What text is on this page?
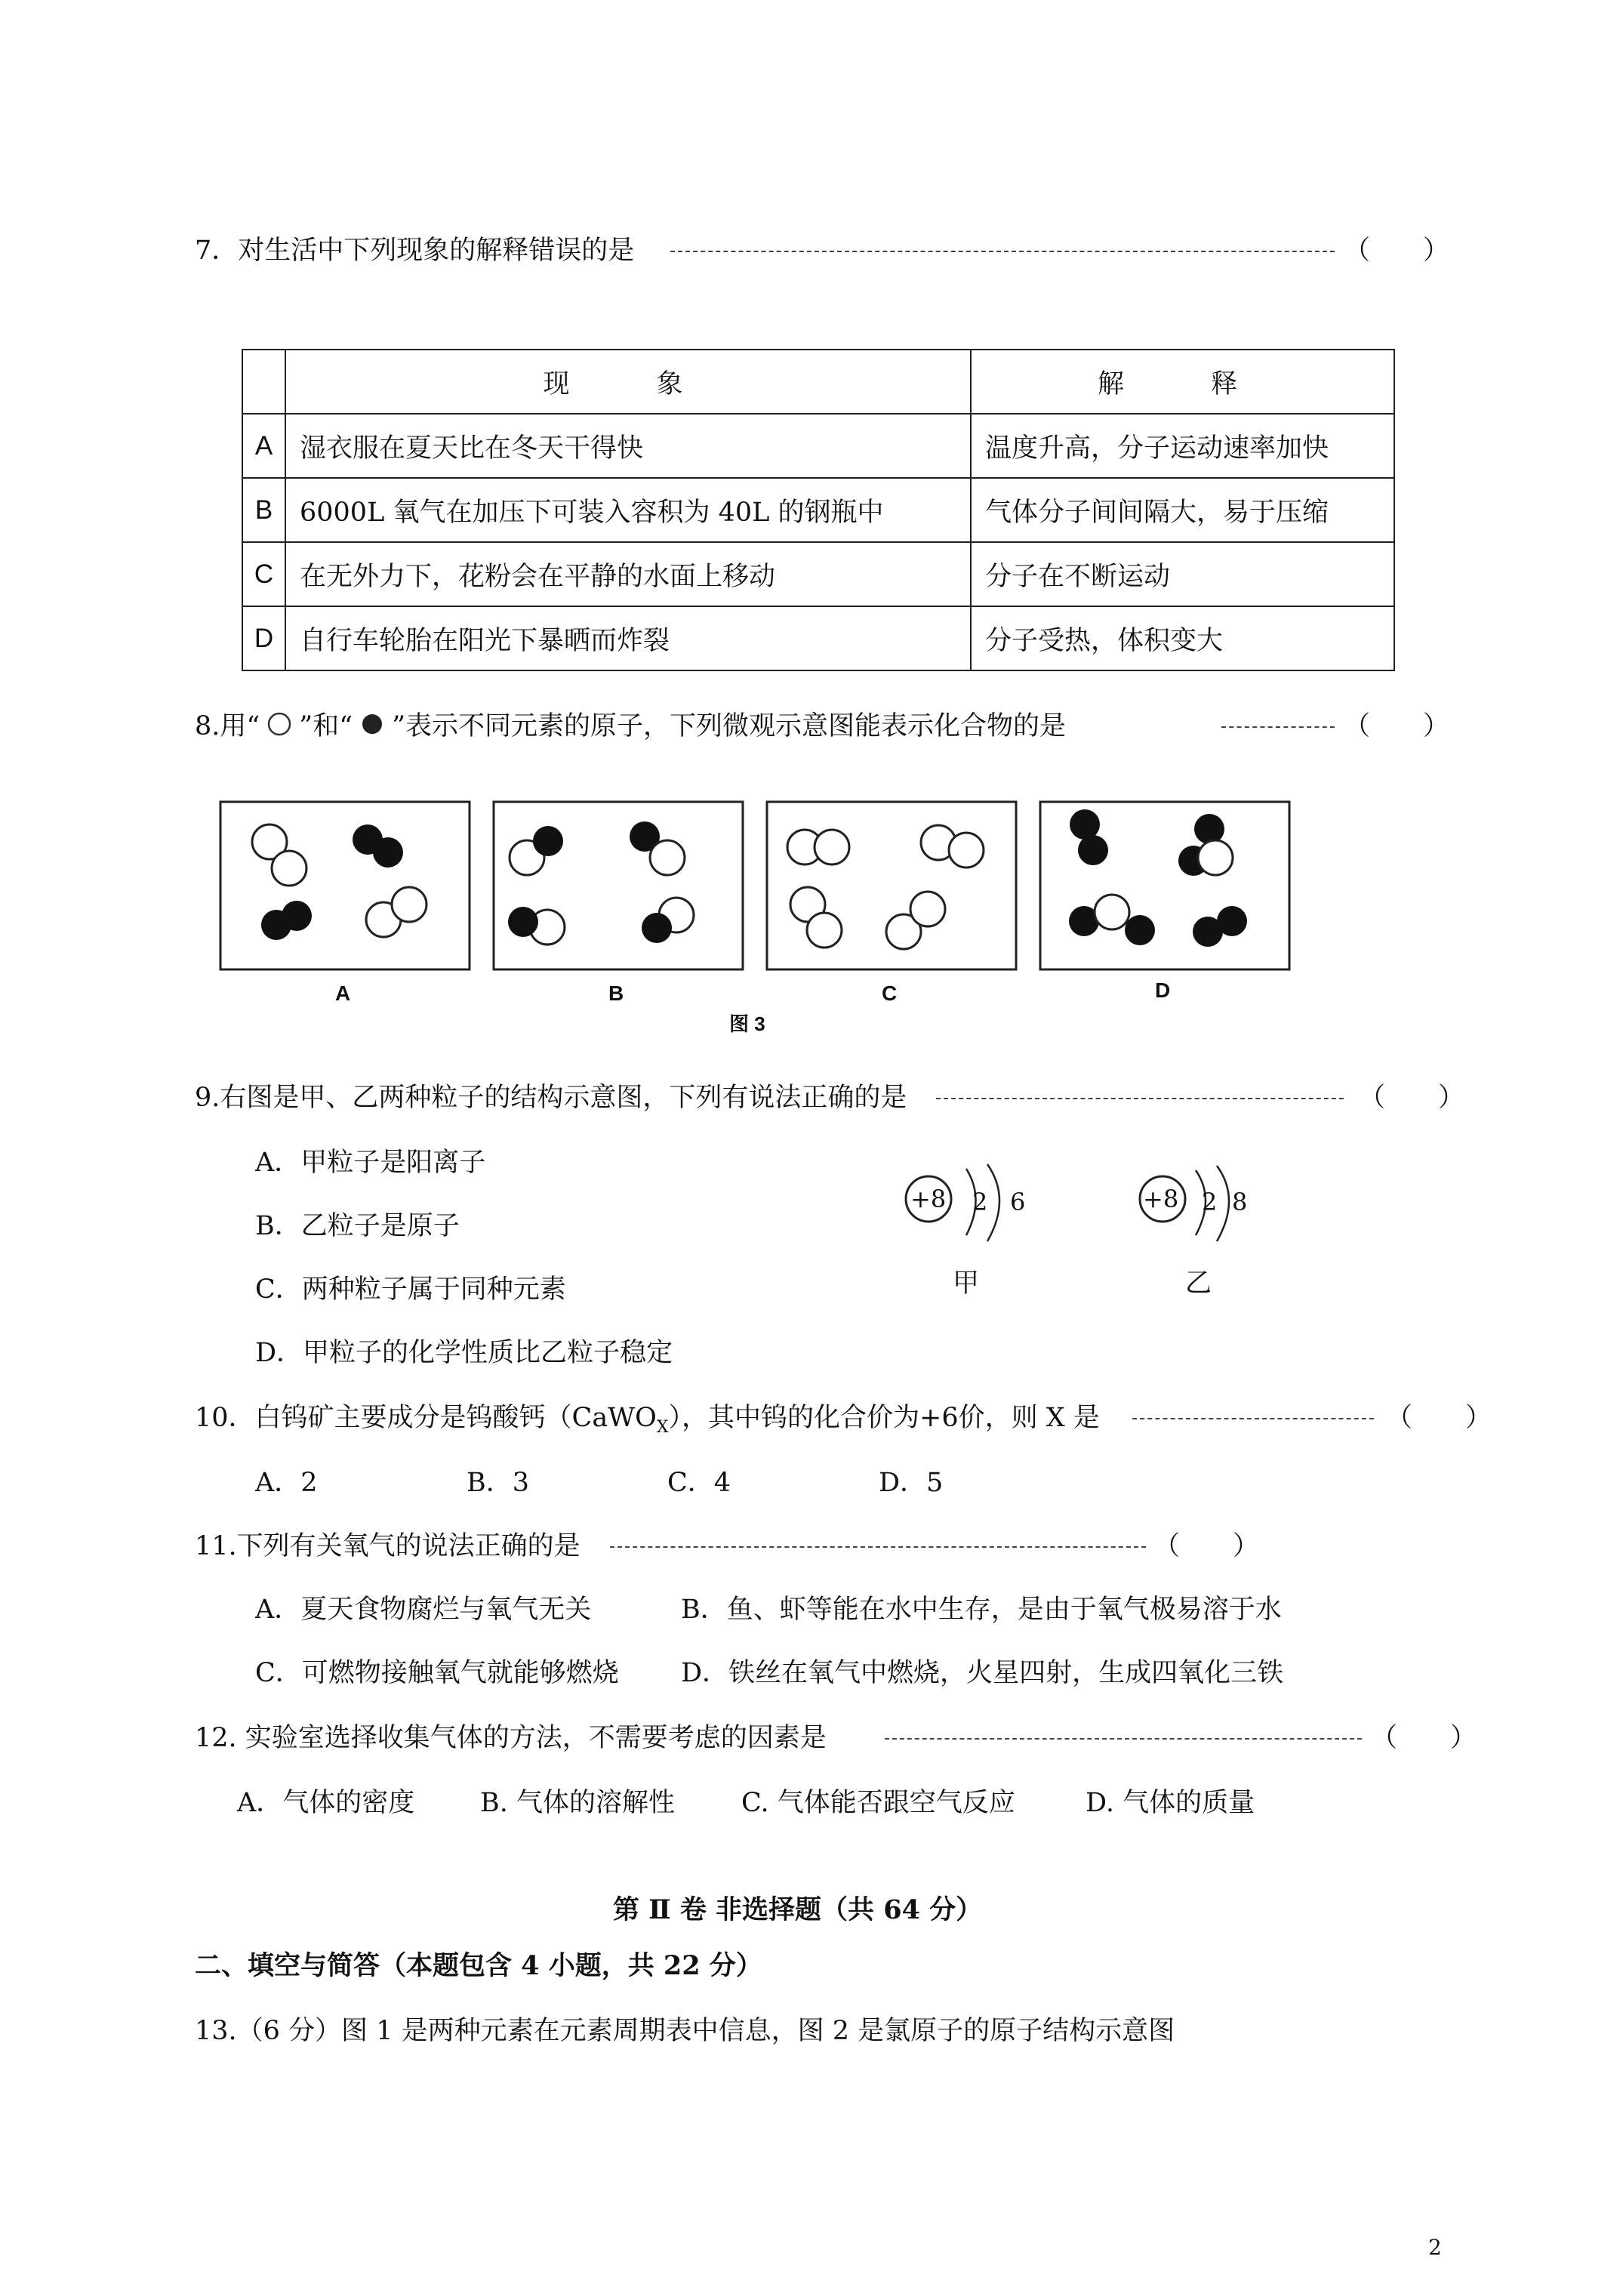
7．对生活中下列现象的解释错误的是	（　　）
	现　象	解　释
A	湿衣服在夏天比在冬天干得快	温度升高，分子运动速率加快
B	6000L 氧气在加压下可装入容积为 40L 的钢瓶中	气体分子间间隔大，易于压缩
C	在无外力下，花粉会在平静的水面上移动	分子在不断运动
D	自行车轮胎在阳光下暴晒而炸裂	分子受热，体积变大
8.用“ ”和“ ”表示不同元素的原子，下列微观示意图能表示化合物的是	（　　）
A	B	C	D
图 3
9.右图是甲、乙两种粒子的结构示意图，下列有说法正确的是	（　　）
A．甲粒子是阳离子
B．乙粒子是原子
C．两种粒子属于同种元素
D．甲粒子的化学性质比乙粒子稳定
+8 2 6
甲
+8 2 8
乙
10．白钨矿主要成分是钨酸钙（CaWO$_X$），其中钨的化合价为+6价，则 X 是	（　　）
A．2	B．3	C．4	D．5
11.下列有关氧气的说法正确的是	（　　）
A．夏天食物腐烂与氧气无关	B．鱼、虾等能在水中生存，是由于氧气极易溶于水
C．可燃物接触氧气就能够燃烧 D．铁丝在氧气中燃烧，火星四射，生成四氧化三铁
12. 实验室选择收集气体的方法，不需要考虑的因素是	（　　）
A．气体的密度 B. 气体的溶解性	C. 气体能否跟空气反应	D. 气体的质量
第 Ⅱ 卷 非选择题（共 64 分）
二、填空与简答（本题包含 4 小题，共 22 分）
13.（6 分）图 1 是两种元素在元素周期表中信息，图 2 是氯原子的原子结构示意图
2
